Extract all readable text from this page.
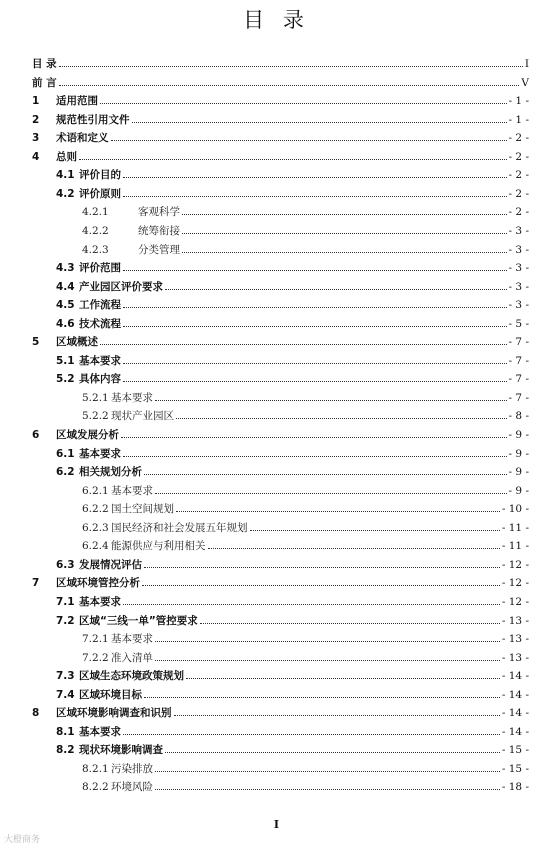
目 录
目 录	I
前 言	V
1 适用范围	- 1 -
2 规范性引用文件	- 1 -
3 术语和定义	- 2 -
4 总则	- 2 -
4.1 评价目的	- 2 -
4.2 评价原则	- 2 -
4.2.1	客观科学	- 2 -
4.2.2	统筹衔接	- 3 -
4.2.3	分类管理	- 3 -
4.3 评价范围	- 3 -
4.4 产业园区评价要求	- 3 -
4.5 工作流程	- 3 -
4.6 技术流程	- 5 -
5 区域概述	- 7 -
5.1 基本要求	- 7 -
5.2 具体内容	- 7 -
5.2.1 基本要求	- 7 -
5.2.2 现状产业园区	- 8 -
6 区域发展分析	- 9 -
6.1 基本要求	- 9 -
6.2 相关规划分析	- 9 -
6.2.1 基本要求	- 9 -
6.2.2 国土空间规划	- 10 -
6.2.3 国民经济和社会发展五年规划	- 11 -
6.2.4 能源供应与利用相关	- 11 -
6.3 发展情况评估	- 12 -
7 区域环境管控分析	- 12 -
7.1 基本要求	- 12 -
7.2 区域“三线一单”管控要求	- 13 -
7.2.1 基本要求	- 13 -
7.2.2 准入清单	- 13 -
7.3 区域生态环境政策规划	- 14 -
7.4 区域环境目标	- 14 -
8 区域环境影响调查和识别	- 14 -
8.1 基本要求	- 14 -
8.2 现状环境影响调查	- 15 -
8.2.1 污染排放	- 15 -
8.2.2 环境风险	- 18 -
I
大橙商务
